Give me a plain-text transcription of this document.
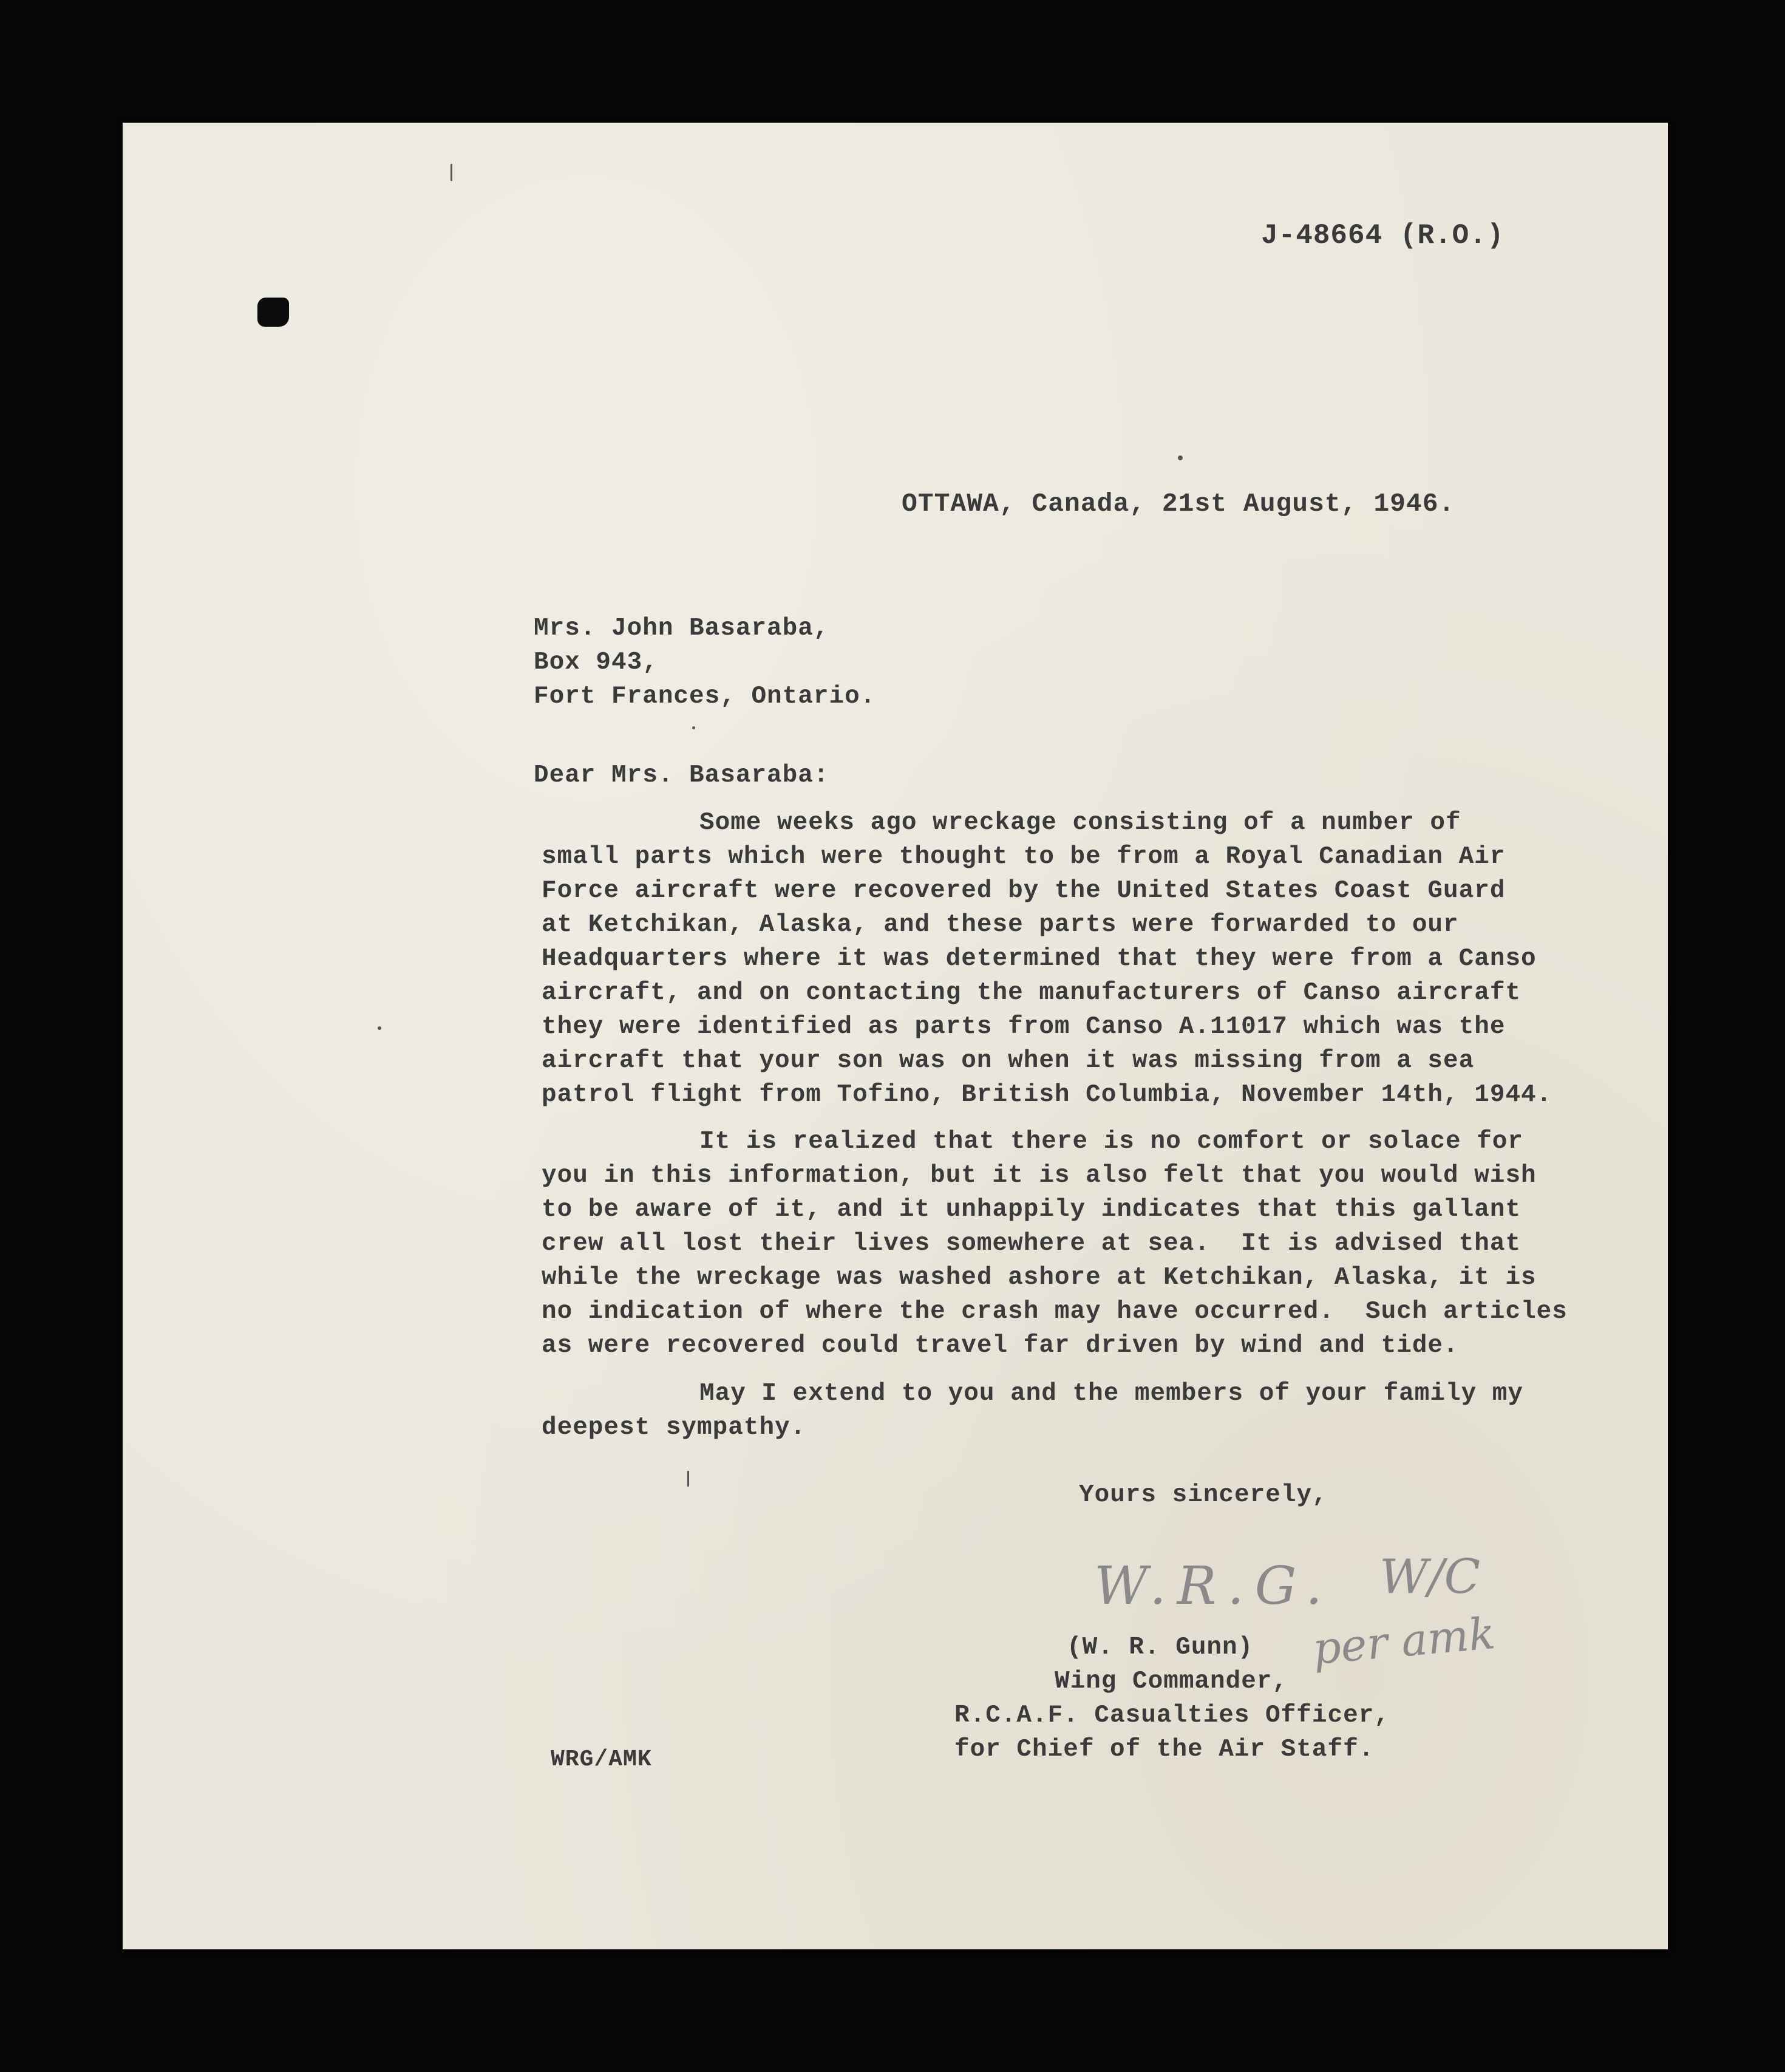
J-48664 (R.O.)
OTTAWA, Canada, 21st August, 1946.
Mrs. John Basaraba,
Box 943,
Fort Frances, Ontario.
Dear Mrs. Basaraba:
Some weeks ago wreckage consisting of a number of
small parts which were thought to be from a Royal Canadian Air
Force aircraft were recovered by the United States Coast Guard
at Ketchikan, Alaska, and these parts were forwarded to our
Headquarters where it was determined that they were from a Canso
aircraft, and on contacting the manufacturers of Canso aircraft
they were identified as parts from Canso A.11017 which was the
aircraft that your son was on when it was missing from a sea
patrol flight from Tofino, British Columbia, November 14th, 1944.
It is realized that there is no comfort or solace for
you in this information, but it is also felt that you would wish
to be aware of it, and it unhappily indicates that this gallant
crew all lost their lives somewhere at sea.  It is advised that
while the wreckage was washed ashore at Ketchikan, Alaska, it is
no indication of where the crash may have occurred.  Such articles
as were recovered could travel far driven by wind and tide.
May I extend to you and the members of your family my
deepest sympathy.
Yours sincerely,
W.R.G. W/C
per amk
(W. R. Gunn)
Wing Commander,
R.C.A.F. Casualties Officer,
for Chief of the Air Staff.
WRG/AMK
